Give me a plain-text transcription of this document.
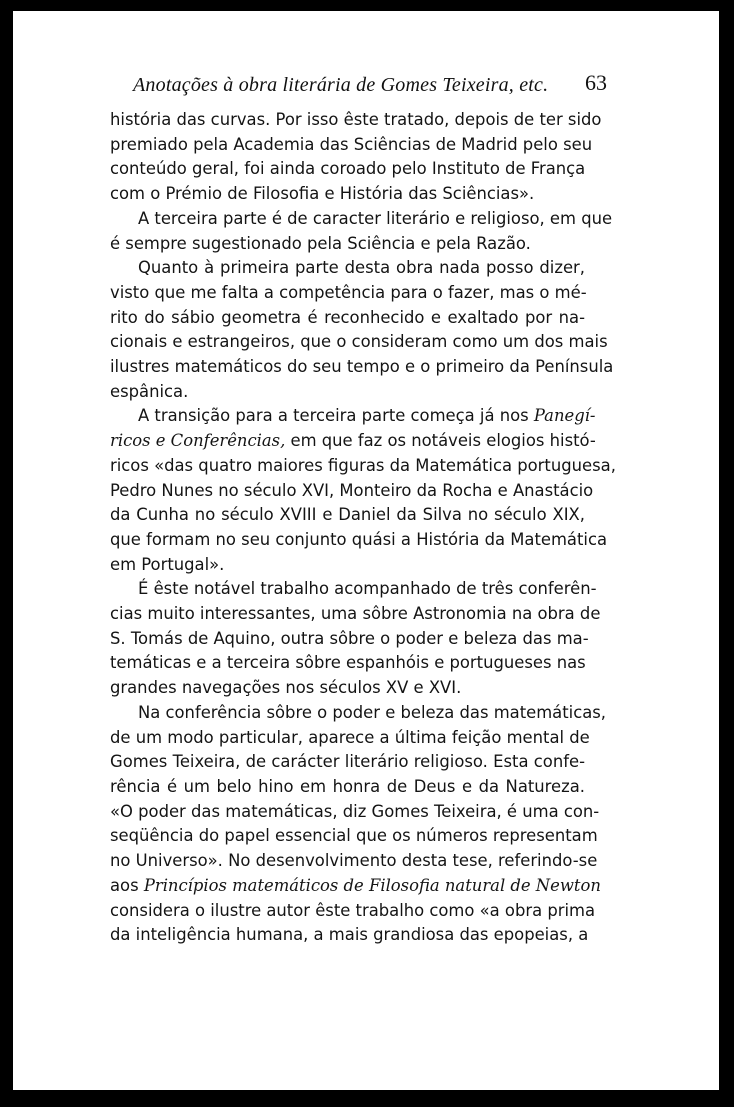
Anotações à obra literária de Gomes Teixeira, etc. 63
história das curvas. Por isso êste tratado, depois de ter sido
premiado pela Academia das Sciências de Madrid pelo seu
conteúdo geral, foi ainda coroado pelo Instituto de França
com o Prémio de Filosofia e História das Sciências».
A terceira parte é de caracter literário e religioso, em que
é sempre sugestionado pela Sciência e pela Razão.
Quanto à primeira parte desta obra nada posso dizer,
visto que me falta a competência para o fazer, mas o mé-
rito do sábio geometra é reconhecido e exaltado por na-
cionais e estrangeiros, que o consideram como um dos mais
ilustres matemáticos do seu tempo e o primeiro da Península
espânica.
A transição para a terceira parte começa já nos Panegí-
ricos e Conferências, em que faz os notáveis elogios histó-
ricos «das quatro maiores figuras da Matemática portuguesa,
Pedro Nunes no século XVI, Monteiro da Rocha e Anastácio
da Cunha no século XVIII e Daniel da Silva no século XIX,
que formam no seu conjunto quási a História da Matemática
em Portugal».
É êste notável trabalho acompanhado de três conferên-
cias muito interessantes, uma sôbre Astronomia na obra de
S. Tomás de Aquino, outra sôbre o poder e beleza das ma-
temáticas e a terceira sôbre espanhóis e portugueses nas
grandes navegações nos séculos XV e XVI.
Na conferência sôbre o poder e beleza das matemáticas,
de um modo particular, aparece a última feição mental de
Gomes Teixeira, de carácter literário religioso. Esta confe-
rência é um belo hino em honra de Deus e da Natureza.
«O poder das matemáticas, diz Gomes Teixeira, é uma con-
seqüência do papel essencial que os números representam
no Universo». No desenvolvimento desta tese, referindo-se
aos Princípios matemáticos de Filosofia natural de Newton
considera o ilustre autor êste trabalho como «a obra prima
da inteligência humana, a mais grandiosa das epopeias, a
